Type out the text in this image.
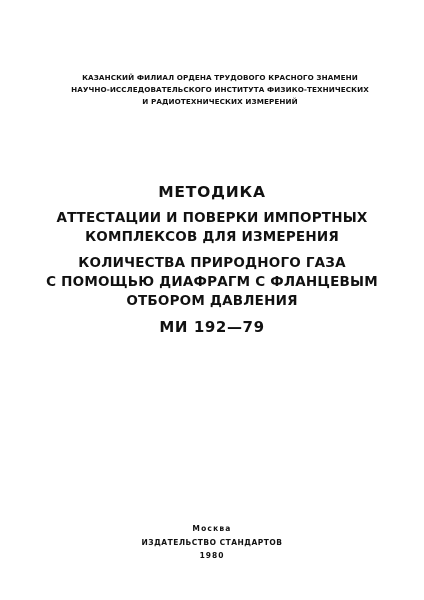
КАЗАНСКИЙ ФИЛИАЛ ОРДЕНА ТРУДОВОГО КРАСНОГО ЗНАМЕНИ
НАУЧНО-ИССЛЕДОВАТЕЛЬСКОГО ИНСТИТУТА ФИЗИКО-ТЕХНИЧЕСКИХ
И РАДИОТЕХНИЧЕСКИХ ИЗМЕРЕНИЙ
МЕТОДИКА
АТТЕСТАЦИИ И ПОВЕРКИ ИМПОРТНЫХ
КОМПЛЕКСОВ ДЛЯ ИЗМЕРЕНИЯ
КОЛИЧЕСТВА ПРИРОДНОГО ГАЗА
С ПОМОЩЬЮ ДИАФРАГМ С ФЛАНЦЕВЫМ
ОТБОРОМ ДАВЛЕНИЯ
МИ 192—79
Москва
ИЗДАТЕЛЬСТВО СТАНДАРТОВ
1980
